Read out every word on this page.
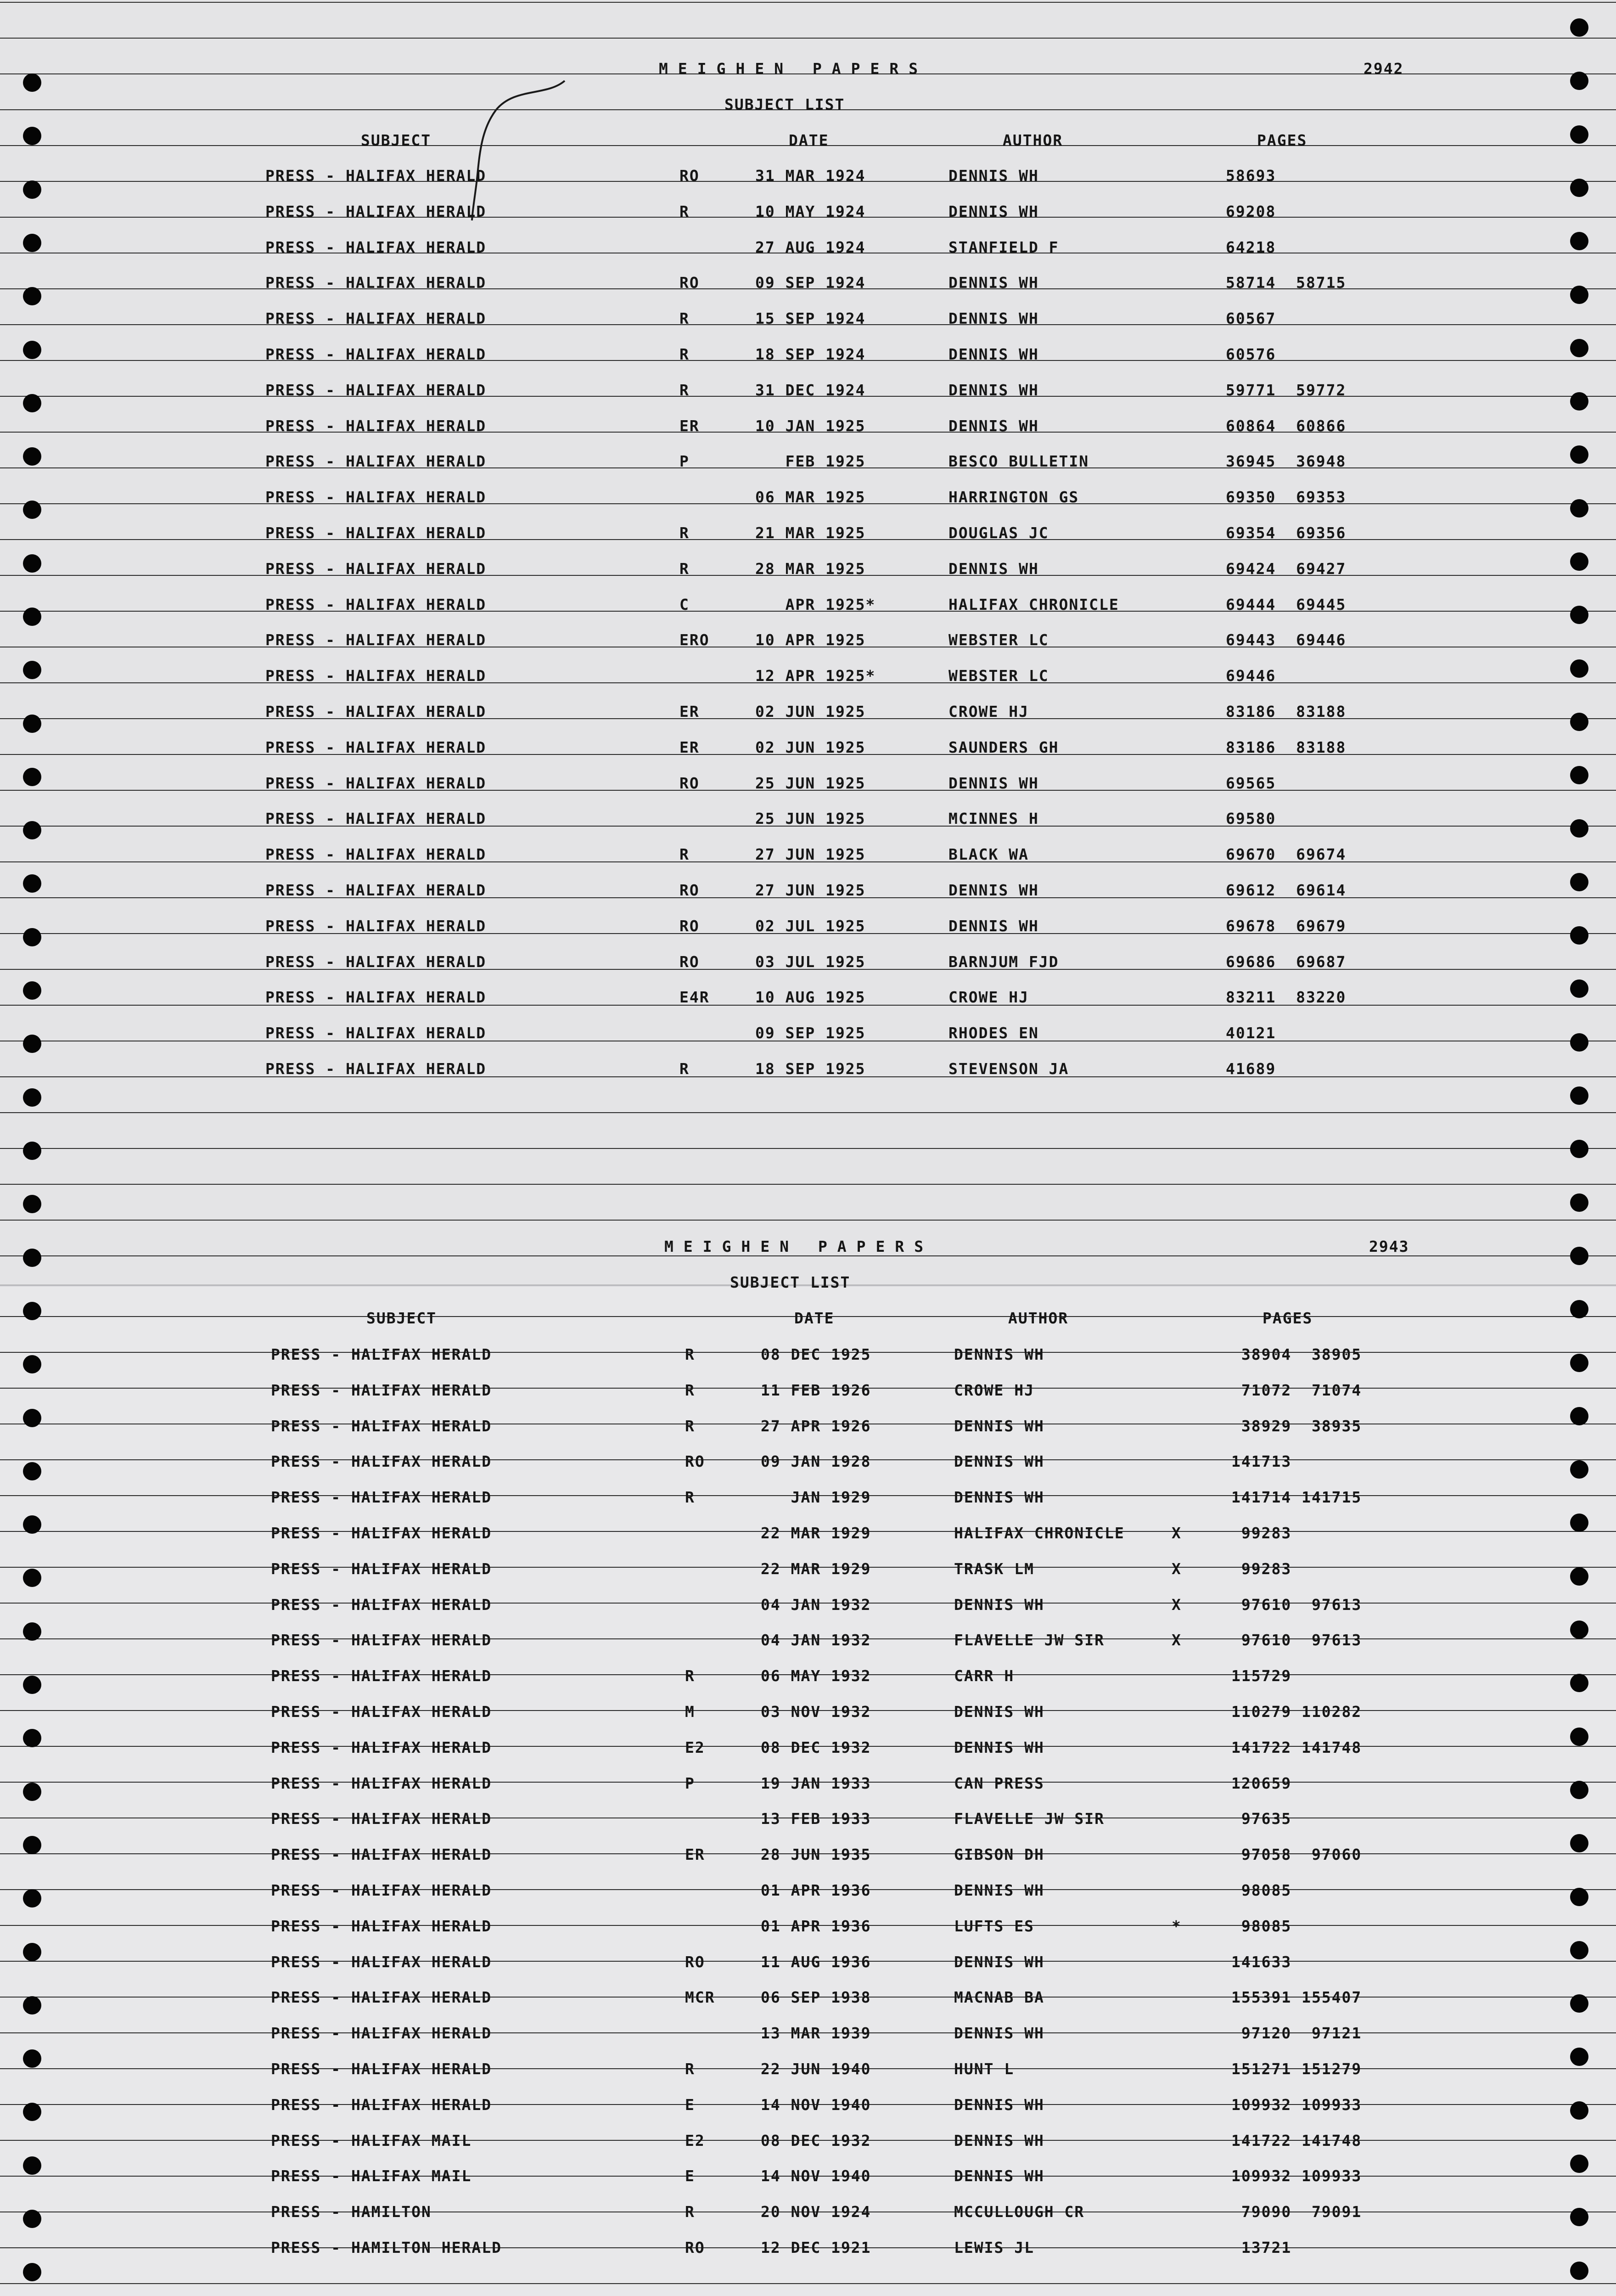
MEIGHEN PAPERS	2942
SUBJECT LIST
SUBJECT	DATE	AUTHOR	PAGES
PRESS - HALIFAX HERALD	RO	31 MAR 1924	DENNIS WH	58693
PRESS - HALIFAX HERALD	R	10 MAY 1924	DENNIS WH	69208
PRESS - HALIFAX HERALD	27 AUG 1924	STANFIELD F	64218
PRESS - HALIFAX HERALD	RO	09 SEP 1924	DENNIS WH	58714  58715
PRESS - HALIFAX HERALD	R	15 SEP 1924	DENNIS WH	60567
PRESS - HALIFAX HERALD	R	18 SEP 1924	DENNIS WH	60576
PRESS - HALIFAX HERALD	R	31 DEC 1924	DENNIS WH	59771  59772
PRESS - HALIFAX HERALD	ER	10 JAN 1925	DENNIS WH	60864  60866
PRESS - HALIFAX HERALD	P	FEB 1925	BESCO BULLETIN	36945  36948
PRESS - HALIFAX HERALD	06 MAR 1925	HARRINGTON GS	69350  69353
PRESS - HALIFAX HERALD	R	21 MAR 1925	DOUGLAS JC	69354  69356
PRESS - HALIFAX HERALD	R	28 MAR 1925	DENNIS WH	69424  69427
PRESS - HALIFAX HERALD	C	APR 1925*	HALIFAX CHRONICLE	69444  69445
PRESS - HALIFAX HERALD	ERO	10 APR 1925	WEBSTER LC	69443  69446
PRESS - HALIFAX HERALD	12 APR 1925*	WEBSTER LC	69446
PRESS - HALIFAX HERALD	ER	02 JUN 1925	CROWE HJ	83186  83188
PRESS - HALIFAX HERALD	ER	02 JUN 1925	SAUNDERS GH	83186  83188
PRESS - HALIFAX HERALD	RO	25 JUN 1925	DENNIS WH	69565
PRESS - HALIFAX HERALD	25 JUN 1925	MCINNES H	69580
PRESS - HALIFAX HERALD	R	27 JUN 1925	BLACK WA	69670  69674
PRESS - HALIFAX HERALD	RO	27 JUN 1925	DENNIS WH	69612  69614
PRESS - HALIFAX HERALD	RO	02 JUL 1925	DENNIS WH	69678  69679
PRESS - HALIFAX HERALD	RO	03 JUL 1925	BARNJUM FJD	69686  69687
PRESS - HALIFAX HERALD	E4R	10 AUG 1925	CROWE HJ	83211  83220
PRESS - HALIFAX HERALD	09 SEP 1925	RHODES EN	40121
PRESS - HALIFAX HERALD	R	18 SEP 1925	STEVENSON JA	41689
MEIGHEN PAPERS	2943
SUBJECT LIST
SUBJECT	DATE	AUTHOR	PAGES
PRESS - HALIFAX HERALD	R	08 DEC 1925	DENNIS WH	38904  38905
PRESS - HALIFAX HERALD	R	11 FEB 1926	CROWE HJ	71072  71074
PRESS - HALIFAX HERALD	R	27 APR 1926	DENNIS WH	38929  38935
PRESS - HALIFAX HERALD	RO	09 JAN 1928	DENNIS WH	141713
PRESS - HALIFAX HERALD	R	JAN 1929	DENNIS WH	141714 141715
PRESS - HALIFAX HERALD	22 MAR 1929	HALIFAX CHRONICLE	X	99283
PRESS - HALIFAX HERALD	22 MAR 1929	TRASK LM	X	99283
PRESS - HALIFAX HERALD	04 JAN 1932	DENNIS WH	X	97610  97613
PRESS - HALIFAX HERALD	04 JAN 1932	FLAVELLE JW SIR	X	97610  97613
PRESS - HALIFAX HERALD	R	06 MAY 1932	CARR H	115729
PRESS - HALIFAX HERALD	M	03 NOV 1932	DENNIS WH	110279 110282
PRESS - HALIFAX HERALD	E2	08 DEC 1932	DENNIS WH	141722 141748
PRESS - HALIFAX HERALD	P	19 JAN 1933	CAN PRESS	120659
PRESS - HALIFAX HERALD	13 FEB 1933	FLAVELLE JW SIR	97635
PRESS - HALIFAX HERALD	ER	28 JUN 1935	GIBSON DH	97058  97060
PRESS - HALIFAX HERALD	01 APR 1936	DENNIS WH	98085
PRESS - HALIFAX HERALD	01 APR 1936	LUFTS ES	*	98085
PRESS - HALIFAX HERALD	RO	11 AUG 1936	DENNIS WH	141633
PRESS - HALIFAX HERALD	MCR	06 SEP 1938	MACNAB BA	155391 155407
PRESS - HALIFAX HERALD	13 MAR 1939	DENNIS WH	97120  97121
PRESS - HALIFAX HERALD	R	22 JUN 1940	HUNT L	151271 151279
PRESS - HALIFAX HERALD	E	14 NOV 1940	DENNIS WH	109932 109933
PRESS - HALIFAX MAIL	E2	08 DEC 1932	DENNIS WH	141722 141748
PRESS - HALIFAX MAIL	E	14 NOV 1940	DENNIS WH	109932 109933
PRESS - HAMILTON	R	20 NOV 1924	MCCULLOUGH CR	79090  79091
PRESS - HAMILTON HERALD	RO	12 DEC 1921	LEWIS JL	13721
